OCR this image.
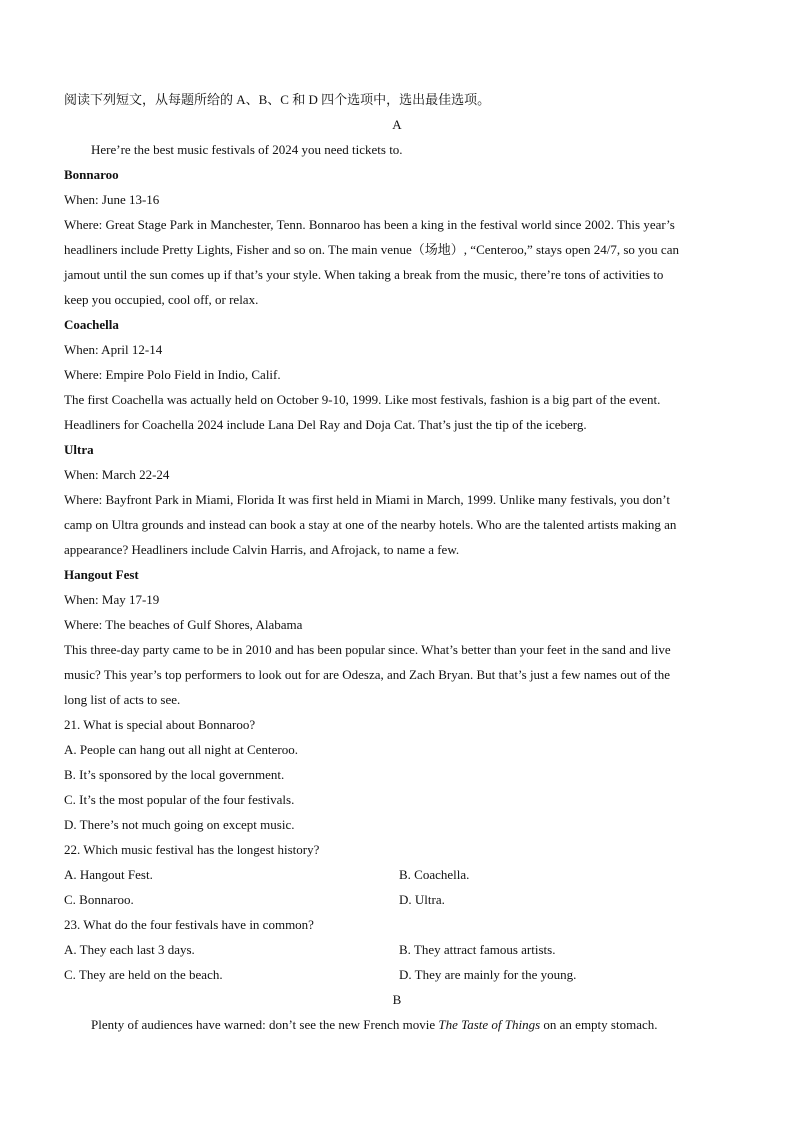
阅读下列短文，从每题所给的 A、B、C 和 D 四个选项中，选出最佳选项。
A
Here’re the best music festivals of 2024 you need tickets to.
Bonnaroo
When: June 13-16
Where: Great Stage Park in Manchester, Tenn. Bonnaroo has been a king in the festival world since 2002. This year’s
headliners include Pretty Lights, Fisher and so on. The main venue（场地）, “Centeroo,” stays open 24/7, so you can
jamout until the sun comes up if that’s your style. When taking a break from the music, there’re tons of activities to
keep you occupied, cool off, or relax.
Coachella
When: April 12-14
Where: Empire Polo Field in Indio, Calif.
The first Coachella was actually held on October 9-10, 1999. Like most festivals, fashion is a big part of the event.
Headliners for Coachella 2024 include Lana Del Ray and Doja Cat. That’s just the tip of the iceberg.
Ultra
When: March 22-24
Where: Bayfront Park in Miami, Florida It was first held in Miami in March, 1999. Unlike many festivals, you don’t
camp on Ultra grounds and instead can book a stay at one of the nearby hotels. Who are the talented artists making an
appearance? Headliners include Calvin Harris, and Afrojack, to name a few.
Hangout Fest
When: May 17-19
Where: The beaches of Gulf Shores, Alabama
This three-day party came to be in 2010 and has been popular since. What’s better than your feet in the sand and live
music? This year’s top performers to look out for are Odesza, and Zach Bryan. But that’s just a few names out of the
long list of acts to see.
21. What is special about Bonnaroo?
A. People can hang out all night at Centeroo.
B. It’s sponsored by the local government.
C. It’s the most popular of the four festivals.
D. There’s not much going on except music.
22. Which music festival has the longest history?
A. Hangout Fest.	B. Coachella.
C. Bonnaroo.	D. Ultra.
23. What do the four festivals have in common?
A. They each last 3 days.	B. They attract famous artists.
C. They are held on the beach.	D. They are mainly for the young.
B
Plenty of audiences have warned: don’t see the new French movie The Taste of Things on an empty stomach.
